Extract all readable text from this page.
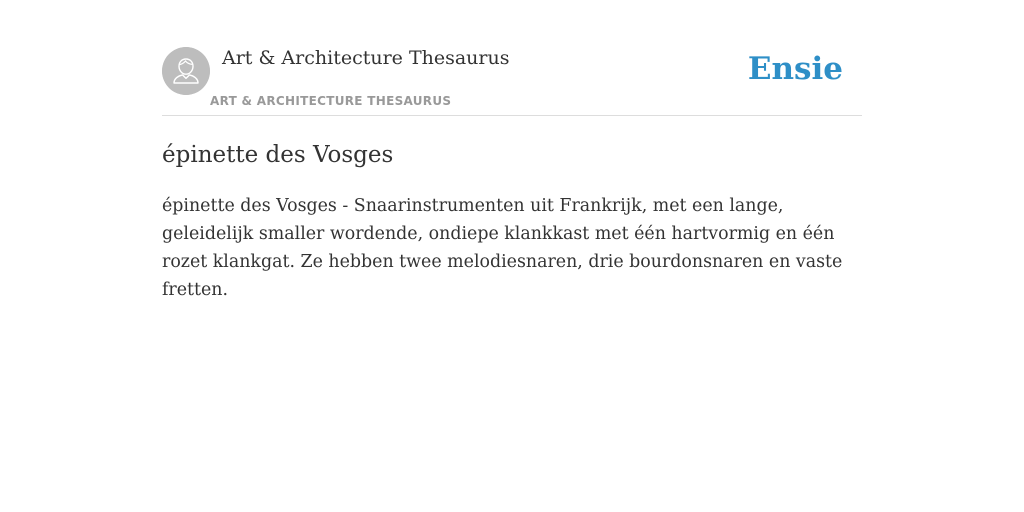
Art & Architecture Thesaurus
ART & ARCHITECTURE THESAURUS
Ensie
épinette des Vosges

épinette des Vosges - Snaarinstrumenten uit Frankrijk, met een lange, geleidelijk smaller wordende, ondiepe klankkast met één hartvormig en één rozet klankgat. Ze hebben twee melodiesnaren, drie bourdonsnaren en vaste fretten.
